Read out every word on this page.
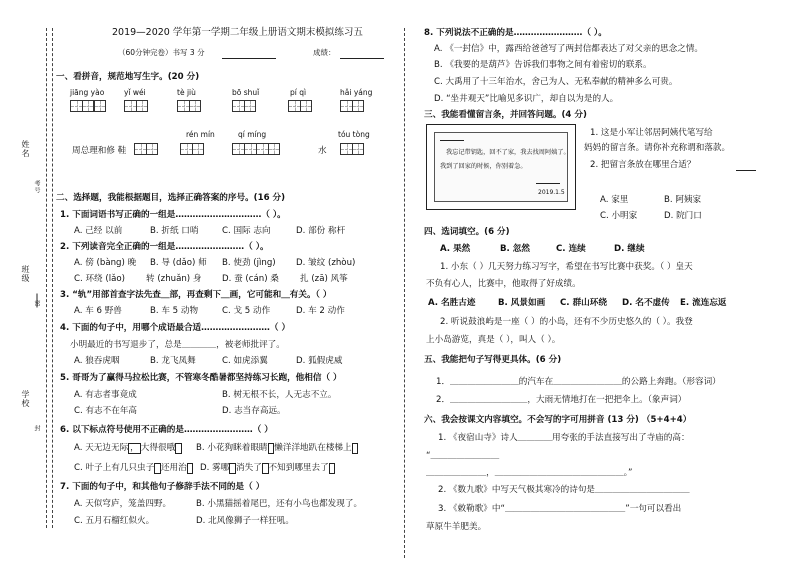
姓名
班级
学校
考号
密
封
2019—2020 学年第一学期二年级上册语文期末模拟练习五
（60分钟完卷）书写 3 分	成绩：
一、看拼音，规范地写生字。(20 分)
jiāng yào	yǐ wéi	tè jiù	bō shuǐ	pí qì	hǎi yáng
rén mín	qí míng	tóu tòng
周总理和修 鞋	水
二、选择题，我能根据题目，选择正确答案的序号。(16 分)
1. 下面词语书写正确的一组是…………………………（ ）。
A. 己经 以前	B. 折纸 口哨	C. 国际 志向	D. 部份 称杆
2. 下列读音完全正确的一组是……………………（ ）。
A. 傍 (bàng) 晚 B. 导 (dǎo) 师 B. 使劲 (jìng) D. 皱纹 (zhòu)
C. 环绕 (lǎo) 转 (zhuǎn) 身 D. 蚕 (cán) 桑 扎 (zā) 风筝
3. “轨”用部首查字法先查＿部，再查剩下＿画，它可能和＿有关。（ ）
A. 车 6 野兽	B. 车 5 动物	C. 戈 5 动作	D. 车 2 动作
4. 下面的句子中，用哪个成语最合适……………………（ ）
小明最近的书写退步了，总是＿＿＿＿，被老师批评了。
A. 狼吞虎咽	B. 龙飞凤舞	C. 如虎添翼	D. 狐假虎威
5. 哥哥为了赢得马拉松比赛，不管寒冬酷暑都坚持练习长跑，他相信（ ）
A. 有志者事竟成	B. 树无根不长，人无志不立。
C. 有志不在年高	D. 志当存高远。
6. 以下标点符号使用不正确的是……………………（ ）
A. 天无边无际 ， 大得很哦	B. 小花狗眯着眼睛 懒洋洋地趴在楼梯上
C. 叶子上有几只虫子 还用治	D. 雾哪 消失了 不知到哪里去了
7. 下面的句子中，和其他句子修辞手法不同的是（ ）
A. 天似穹庐，笼盖四野。	B. 小黑猫摇着尾巴，还有小鸟也都发现了。
C. 五月石榴红似火。	D. 北风像狮子一样狂吼。
8. 下列说法不正确的是……………………（ ）。
A. 《一封信》中，露西给爸爸写了两封信都表达了对父亲的思念之情。
B. 《我要的是葫芦》告诉我们事物之间有着密切的联系。
C. 大禹用了十三年治水，舍己为人、无私奉献的精神多么可贵。
D. “坐井观天”比喻见多识广，却自以为是的人。
三、我能看懂留言条，并回答问题。(4 分)
我忘记带钥匙，回不了家，我去找周阿姨了。
我到了回家的时候，你别着急。
2019.1.5
1. 这是小军让邻居阿姨代笔写给
妈妈的留言条。请你补充称谓和落款。
2. 把留言条放在哪里合适？
A. 家里	B. 阿姨家
C. 小明家	D. 院门口
四、选词填空。(6 分)
A. 果然	B. 忽然	C. 连续	D. 继续
1. 小东（ ）几天努力练习写字，希望在书写比赛中获奖。（ ）皇天
不负有心人，比赛中，他取得了好成绩。
A. 名胜古迹	B. 风景如画 C. 群山环绕 D. 名不虚传 E. 流连忘返
2. 听说鼓浪屿是一座（ ）的小岛，还有不少历史悠久的（ ）。我登
上小岛游览，真是（ ），叫人（ ）。
五、我能把句子写得更具体。(6 分)
1．＿＿＿＿＿＿＿＿的汽车在＿＿＿＿＿＿＿＿的公路上奔跑。（形容词）
2．＿＿＿＿＿＿＿＿＿，大雨无情地打在一把把伞上。（象声词）
六、我会按课文内容填空。不会写的字可用拼音 (13 分) （5+4+4）
1. 《夜宿山寺》诗人＿＿＿＿用夸张的手法直接写出了寺庙的高：
“＿＿＿＿＿＿＿＿
＿＿＿＿＿＿＿，＿＿＿＿＿＿＿＿＿＿＿＿＿＿＿。”
2. 《数九歌》中写天气极其寒冷的诗句是＿＿＿＿＿＿＿＿＿＿＿
3. 《敕勒歌》中“＿＿＿＿＿＿＿＿＿＿＿＿＿＿”一句可以看出
草原牛羊肥美。
